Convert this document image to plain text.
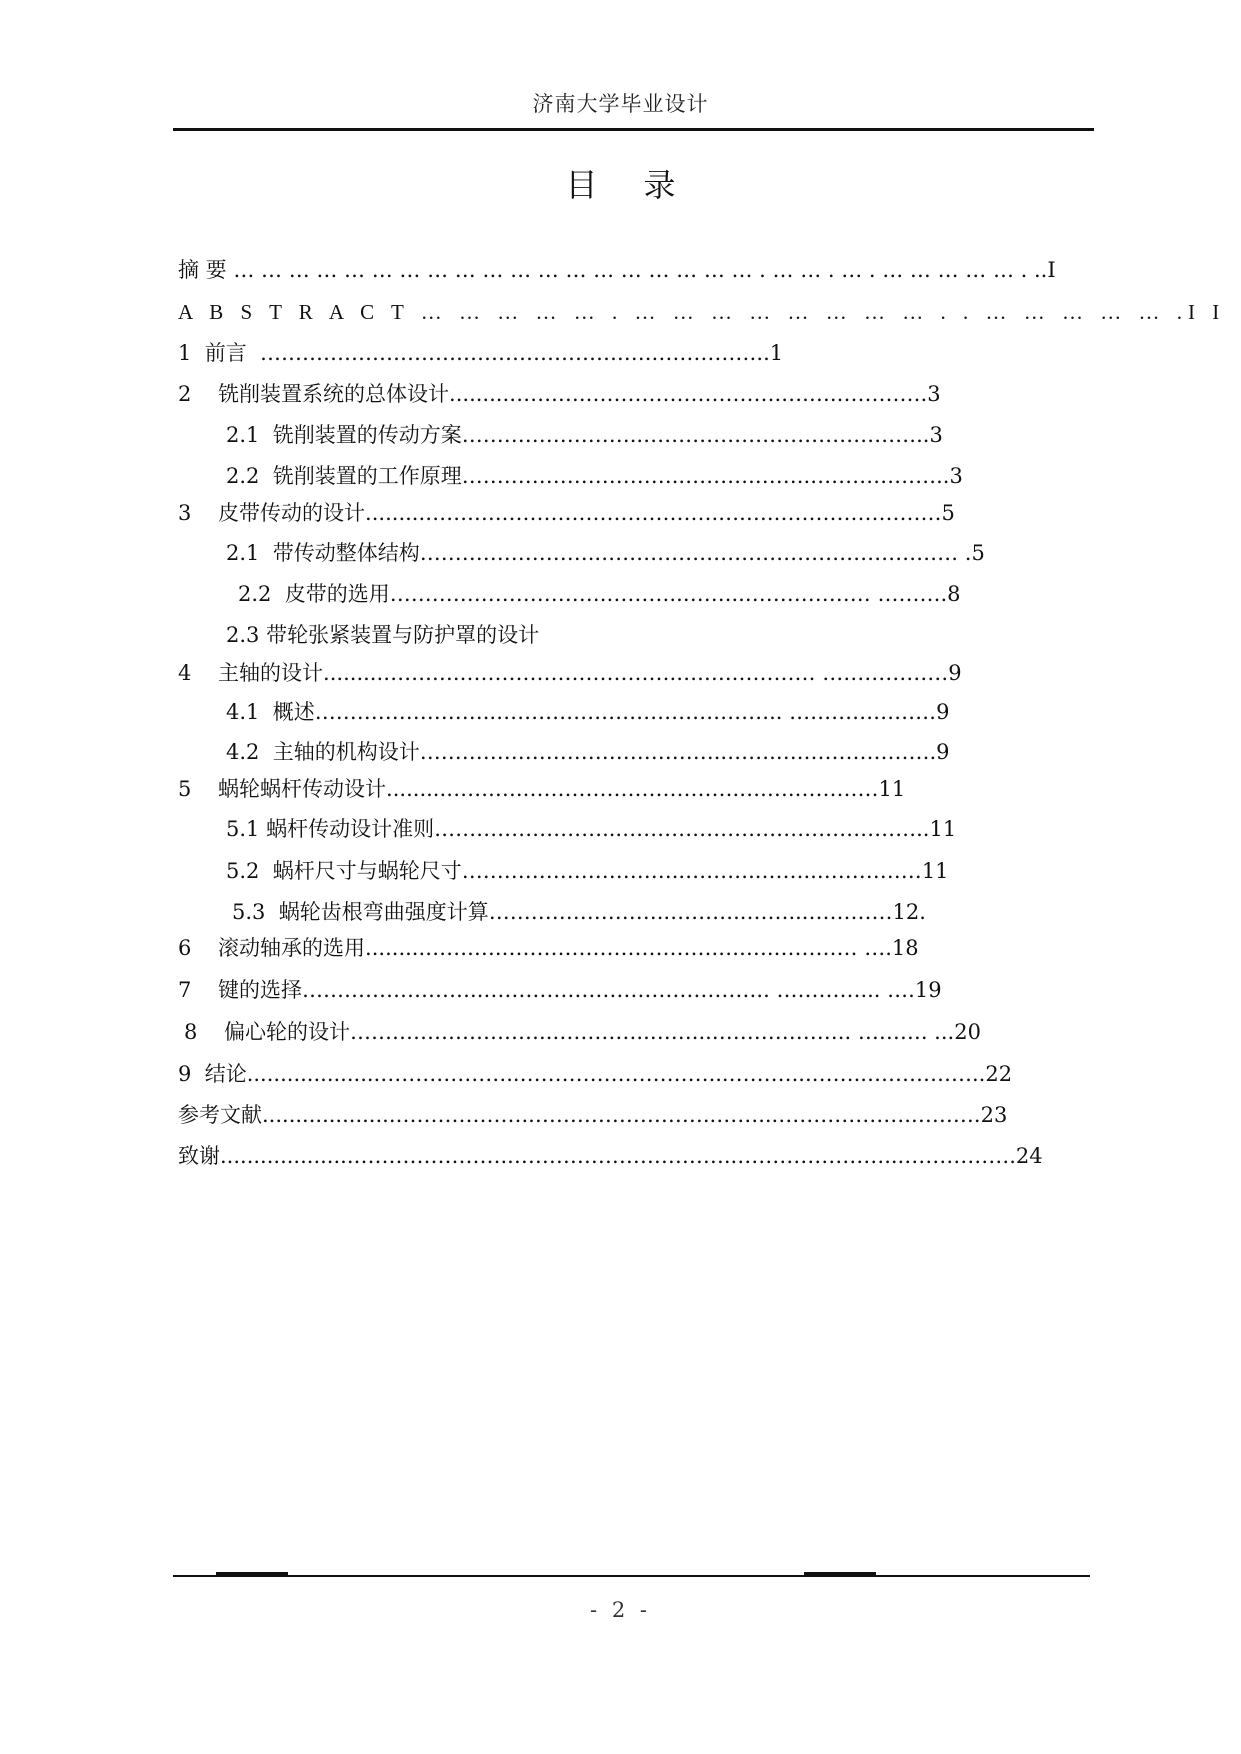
济南大学毕业设计
目录
摘 要 … … … … … … … … … … … … … … … … … … … . … … . … . … … … … … . ..I
A B S T R A C T … … … … … . … … … … … … … … . . … … … … … .I I
1  前言  …………………………………………….….……………..1
2    铣削装置系统的总体设计.........…….….……………………….….….………….3
2.1  铣削装置的传动方案……………………..…………………………………..3
2.2  铣削装置的工作原理…………………………..……….……..………………..3
3    皮带传动的设计.........…….….………………………….….….……………………5
2.1  带传动整体结构……………………..…………………………………………… .5
2.2  皮带的选用………………………….………..……...……………… ……….8
2.3 带轮张紧装置与防护罩的设计
4    主轴的设计.........…….….………………………….….….………… ………………9
4.1  概述……………………..………………………………….. …………………9
4.2  主轴的机构设计……………………………………..…….….……………….9
5    蜗轮蜗杆传动设计.........…….….………………………….….….…………11
5.1 蜗杆传动设计准则……………………...……………………………………..11
5.2  蜗杆尺寸与蜗轮尺寸…………………………..………..……..……………11
5.3  蜗轮齿根弯曲强度计算……………………..………..……...…………12.
6    滚动轴承的选用.........…….….………………………….….….………… ….18
7    键的选择……………………..………………………………….. …………... ….19
8    偏心轮的设计………………………..…………..……...……………….. ………. ...20
9  结论....................………………..………………………...………...……..……………..22
参考文献....................………………..……………………..……...……………….……….23
致谢....................…………………..…………………………..…………………...…………….24
- 2 -
